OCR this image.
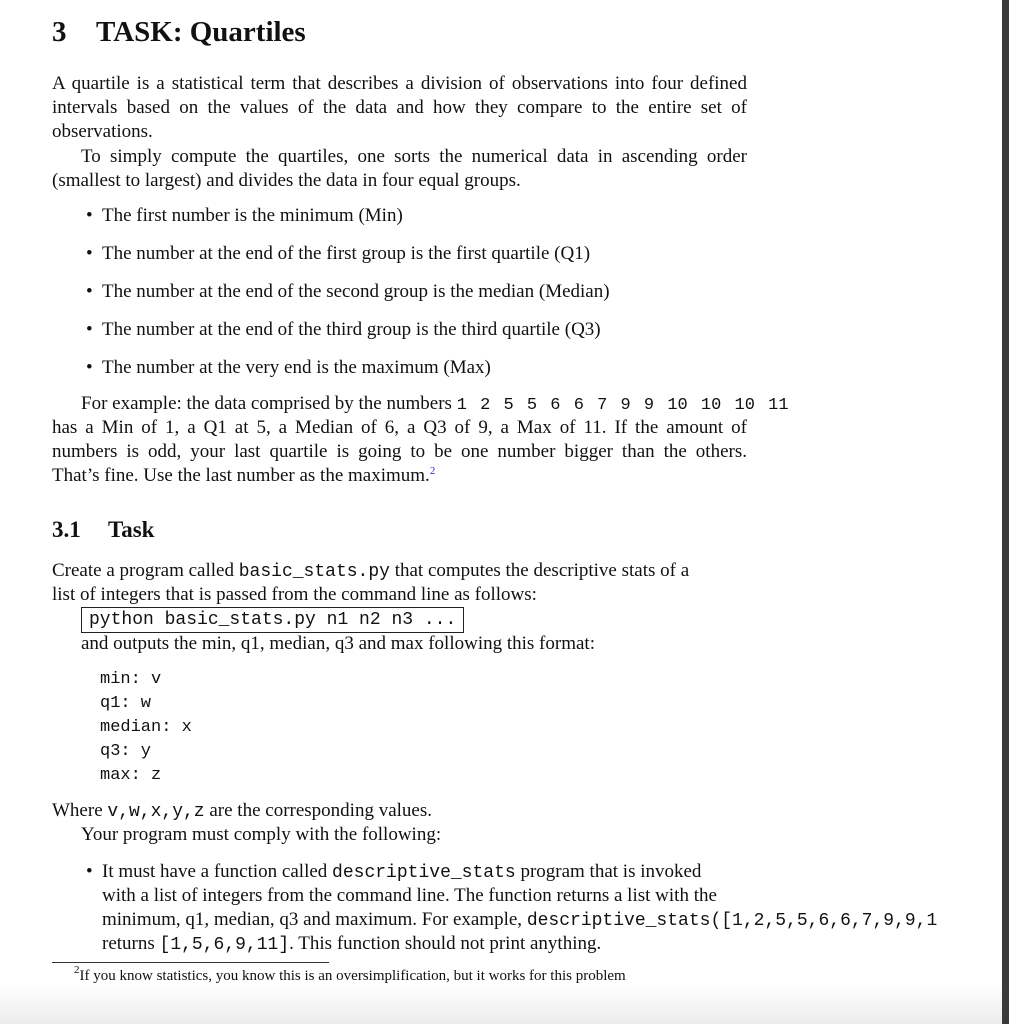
3 TASK: Quartiles
A quartile is a statistical term that describes a division of observations into four defined
intervals based on the values of the data and how they compare to the entire set of
observations.
To simply compute the quartiles, one sorts the numerical data in ascending order
(smallest to largest) and divides the data in four equal groups.
• The first number is the minimum (Min)
• The number at the end of the first group is the first quartile (Q1)
• The number at the end of the second group is the median (Median)
• The number at the end of the third group is the third quartile (Q3)
• The number at the very end is the maximum (Max)
For example: the data comprised by the numbers 1 2 5 5 6 6 7 9 9 10 10 10 11
has a Min of 1, a Q1 at 5, a Median of 6, a Q3 of 9, a Max of 11. If the amount of
numbers is odd, your last quartile is going to be one number bigger than the others.
That’s fine. Use the last number as the maximum.$^2$
3.1 Task
Create a program called basic_stats.py that computes the descriptive stats of a
list of integers that is passed from the command line as follows:
python basic_stats.py n1 n2 n3 ...
and outputs the min, q1, median, q3 and max following this format:
min: v
q1: w
median: x
q3: y
max: z
Where v,w,x,y,z are the corresponding values.
Your program must comply with the following:
• It must have a function called descriptive_stats program that is invoked
with a list of integers from the command line. The function returns a list with the
minimum, q1, median, q3 and maximum. For example, descriptive_stats([1,2,5,5,6,6,7,9,9,1
returns [1,5,6,9,11]. This function should not print anything.
$^2$If you know statistics, you know this is an oversimplification, but it works for this problem
